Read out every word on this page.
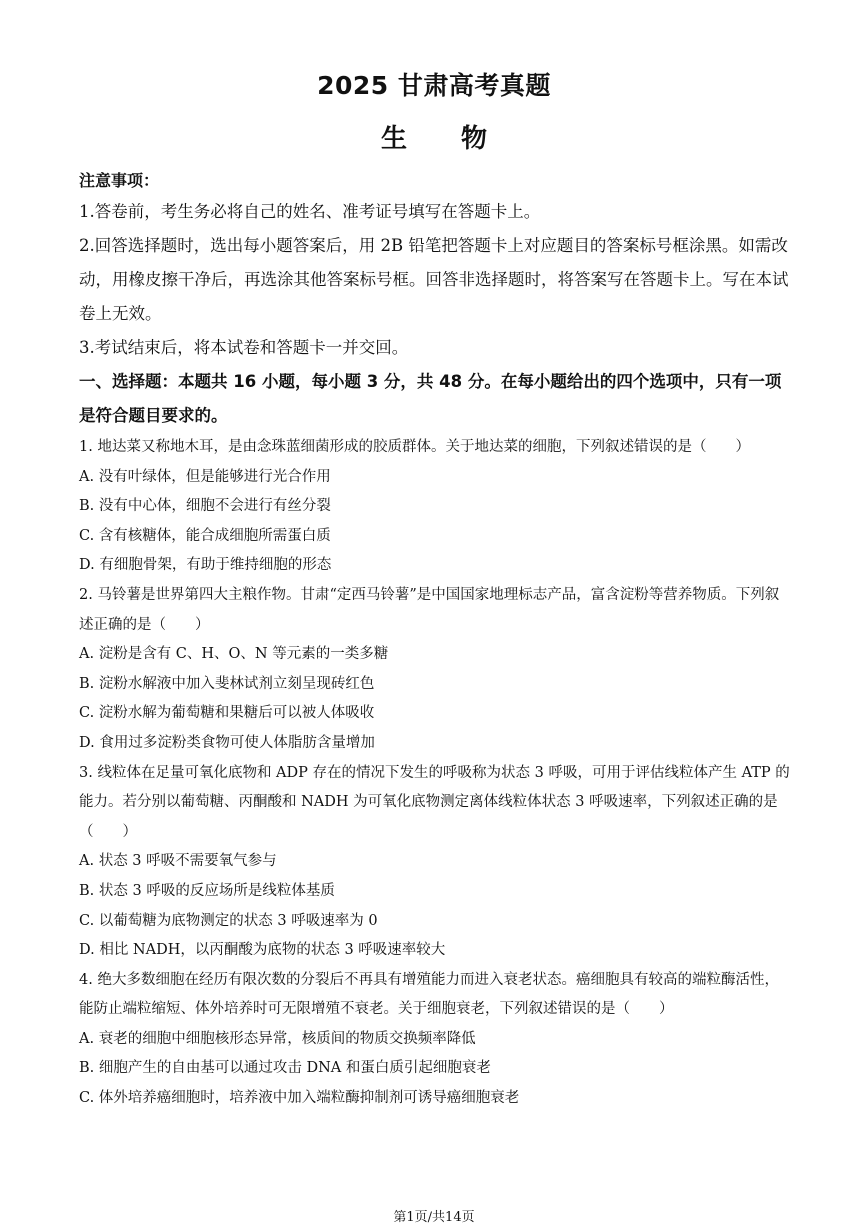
2025 甘肃高考真题
生物
注意事项：
1.答卷前，考生务必将自己的姓名、准考证号填写在答题卡上。
2.回答选择题时，选出每小题答案后，用 2B 铅笔把答题卡上对应题目的答案标号框涂黑。如需改动，用橡皮擦干净后，再选涂其他答案标号框。回答非选择题时，将答案写在答题卡上。写在本试卷上无效。
3.考试结束后，将本试卷和答题卡一并交回。
一、选择题：本题共 16 小题，每小题 3 分，共 48 分。在每小题给出的四个选项中，只有一项是符合题目要求的。
1. 地达菜又称地木耳，是由念珠蓝细菌形成的胶质群体。关于地达菜的细胞，下列叙述错误的是（　　）
A. 没有叶绿体，但是能够进行光合作用
B. 没有中心体，细胞不会进行有丝分裂
C. 含有核糖体，能合成细胞所需蛋白质
D. 有细胞骨架，有助于维持细胞的形态
2. 马铃薯是世界第四大主粮作物。甘肃“定西马铃薯”是中国国家地理标志产品，富含淀粉等营养物质。下列叙述正确的是（　　）
A. 淀粉是含有 C、H、O、N 等元素的一类多糖
B. 淀粉水解液中加入斐林试剂立刻呈现砖红色
C. 淀粉水解为葡萄糖和果糖后可以被人体吸收
D. 食用过多淀粉类食物可使人体脂肪含量增加
3. 线粒体在足量可氧化底物和 ADP 存在的情况下发生的呼吸称为状态 3 呼吸，可用于评估线粒体产生 ATP 的能力。若分别以葡萄糖、丙酮酸和 NADH 为可氧化底物测定离体线粒体状态 3 呼吸速率，下列叙述正确的是（　　）
A. 状态 3 呼吸不需要氧气参与
B. 状态 3 呼吸的反应场所是线粒体基质
C. 以葡萄糖为底物测定的状态 3 呼吸速率为 0
D. 相比 NADH，以丙酮酸为底物的状态 3 呼吸速率较大
4. 绝大多数细胞在经历有限次数的分裂后不再具有增殖能力而进入衰老状态。癌细胞具有较高的端粒酶活性，能防止端粒缩短、体外培养时可无限增殖不衰老。关于细胞衰老，下列叙述错误的是（　　）
A. 衰老的细胞中细胞核形态异常，核质间的物质交换频率降低
B. 细胞产生的自由基可以通过攻击 DNA 和蛋白质引起细胞衰老
C. 体外培养癌细胞时，培养液中加入端粒酶抑制剂可诱导癌细胞衰老
第1页/共14页
